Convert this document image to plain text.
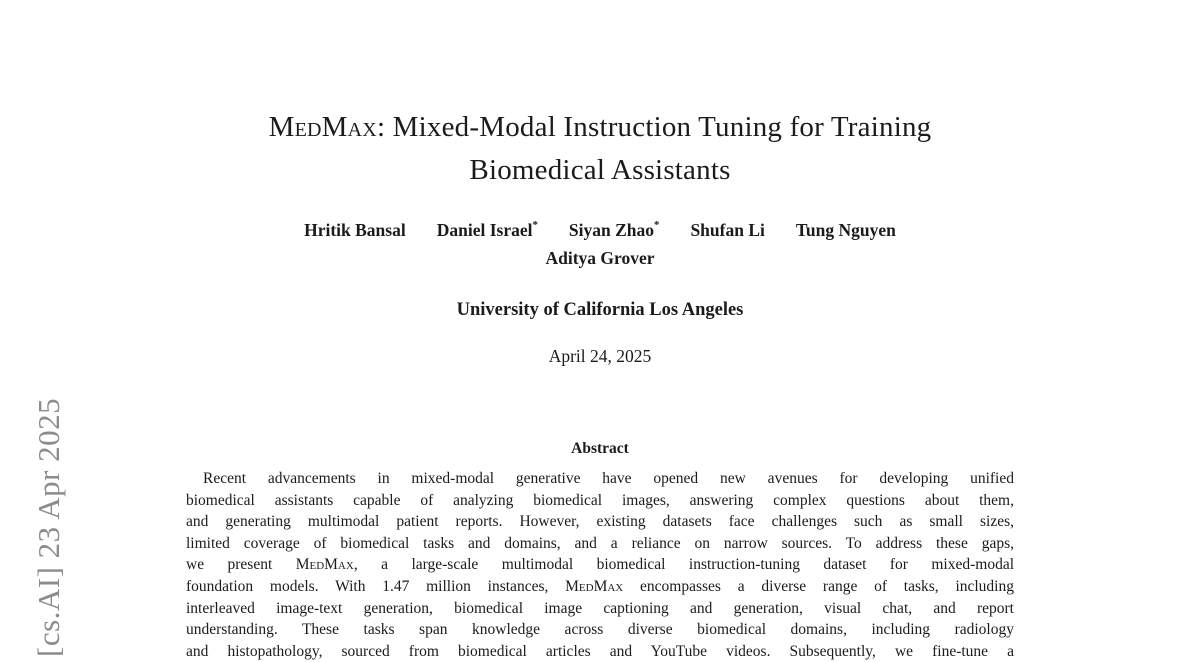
[cs.AI] 23 Apr 2025
MedMax: Mixed-Modal Instruction Tuning for Training
Biomedical Assistants
Hritik Bansal Daniel Israel* Siyan Zhao* Shufan Li Tung Nguyen
Aditya Grover
University of California Los Angeles
April 24, 2025
Abstract
Recent advancements in mixed-modal generative have opened new avenues for developing unified
biomedical assistants capable of analyzing biomedical images, answering complex questions about them,
and generating multimodal patient reports. However, existing datasets face challenges such as small sizes,
limited coverage of biomedical tasks and domains, and a reliance on narrow sources. To address these gaps,
we present MedMax, a large-scale multimodal biomedical instruction-tuning dataset for mixed-modal
foundation models. With 1.47 million instances, MedMax encompasses a diverse range of tasks, including
interleaved image-text generation, biomedical image captioning and generation, visual chat, and report
understanding. These tasks span knowledge across diverse biomedical domains, including radiology
and histopathology, sourced from biomedical articles and YouTube videos. Subsequently, we fine-tune a
